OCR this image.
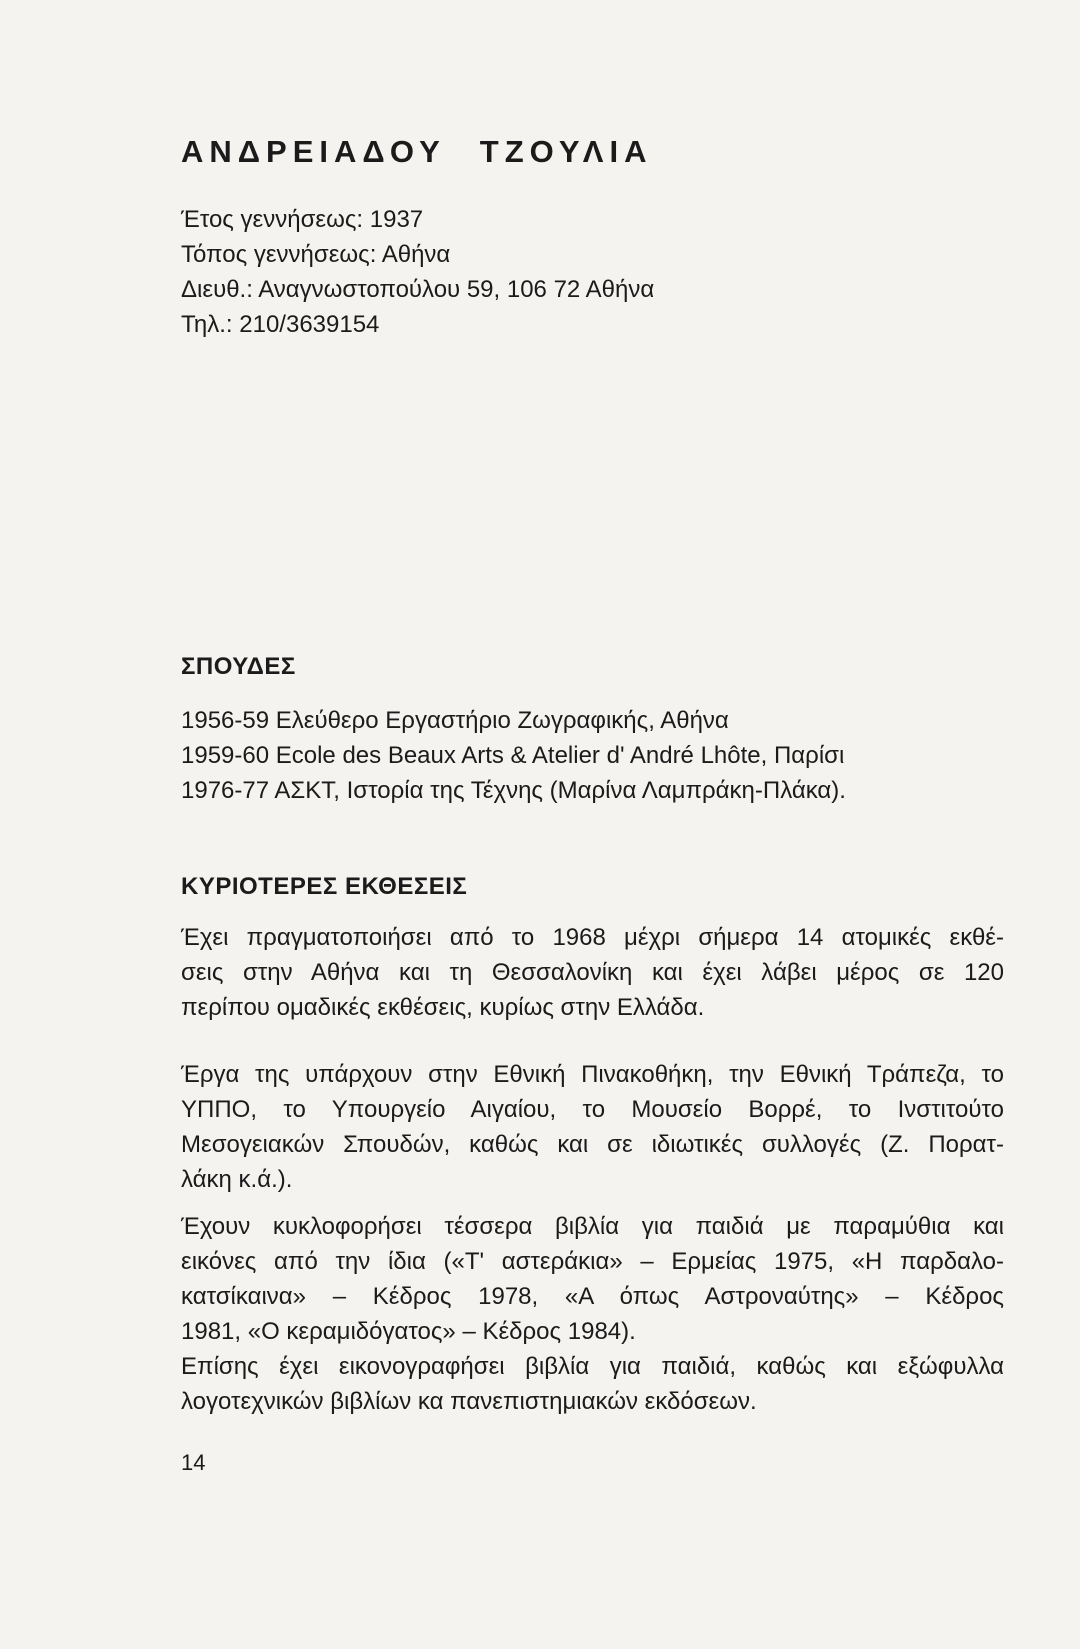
ΑΝΔΡΕΙΑΔΟΥ ΤΖΟΥΛΙΑ
Έτος γεννήσεως: 1937
Τόπος γεννήσεως: Αθήνα
Διευθ.: Αναγνωστοπούλου 59, 106 72 Αθήνα
Τηλ.: 210/3639154
ΣΠΟΥΔΕΣ
1956-59 Ελεύθερο Εργαστήριο Ζωγραφικής, Αθήνα
1959-60 Ecole des Beaux Arts & Atelier d' André Lhôte, Παρίσι
1976-77 ΑΣΚΤ, Ιστορία της Τέχνης (Μαρίνα Λαμπράκη-Πλάκα).
ΚΥΡΙΟΤΕΡΕΣ ΕΚΘΕΣΕΙΣ
Έχει πραγματοποιήσει από το 1968 μέχρι σήμερα 14 ατομικές εκθέ-
σεις στην Αθήνα και τη Θεσσαλονίκη και έχει λάβει μέρος σε 120
περίπου ομαδικές εκθέσεις, κυρίως στην Ελλάδα.
Έργα της υπάρχουν στην Εθνική Πινακοθήκη, την Εθνική Τράπεζα, το
ΥΠΠΟ, το Υπουργείο Αιγαίου, το Μουσείο Βορρέ, το Ινστιτούτο
Μεσογειακών Σπουδών, καθώς και σε ιδιωτικές συλλογές (Ζ. Πορατ-
λάκη κ.ά.).
Έχουν κυκλοφορήσει τέσσερα βιβλία για παιδιά με παραμύθια και
εικόνες από την ίδια («Τ' αστεράκια» – Ερμείας 1975, «Η παρδαλο-
κατσίκαινα» – Κέδρος 1978, «Α όπως Αστροναύτης» – Κέδρος
1981, «Ο κεραμιδόγατος» – Κέδρος 1984).
Επίσης έχει εικονογραφήσει βιβλία για παιδιά, καθώς και εξώφυλλα
λογοτεχνικών βιβλίων κα πανεπιστημιακών εκδόσεων.
14
